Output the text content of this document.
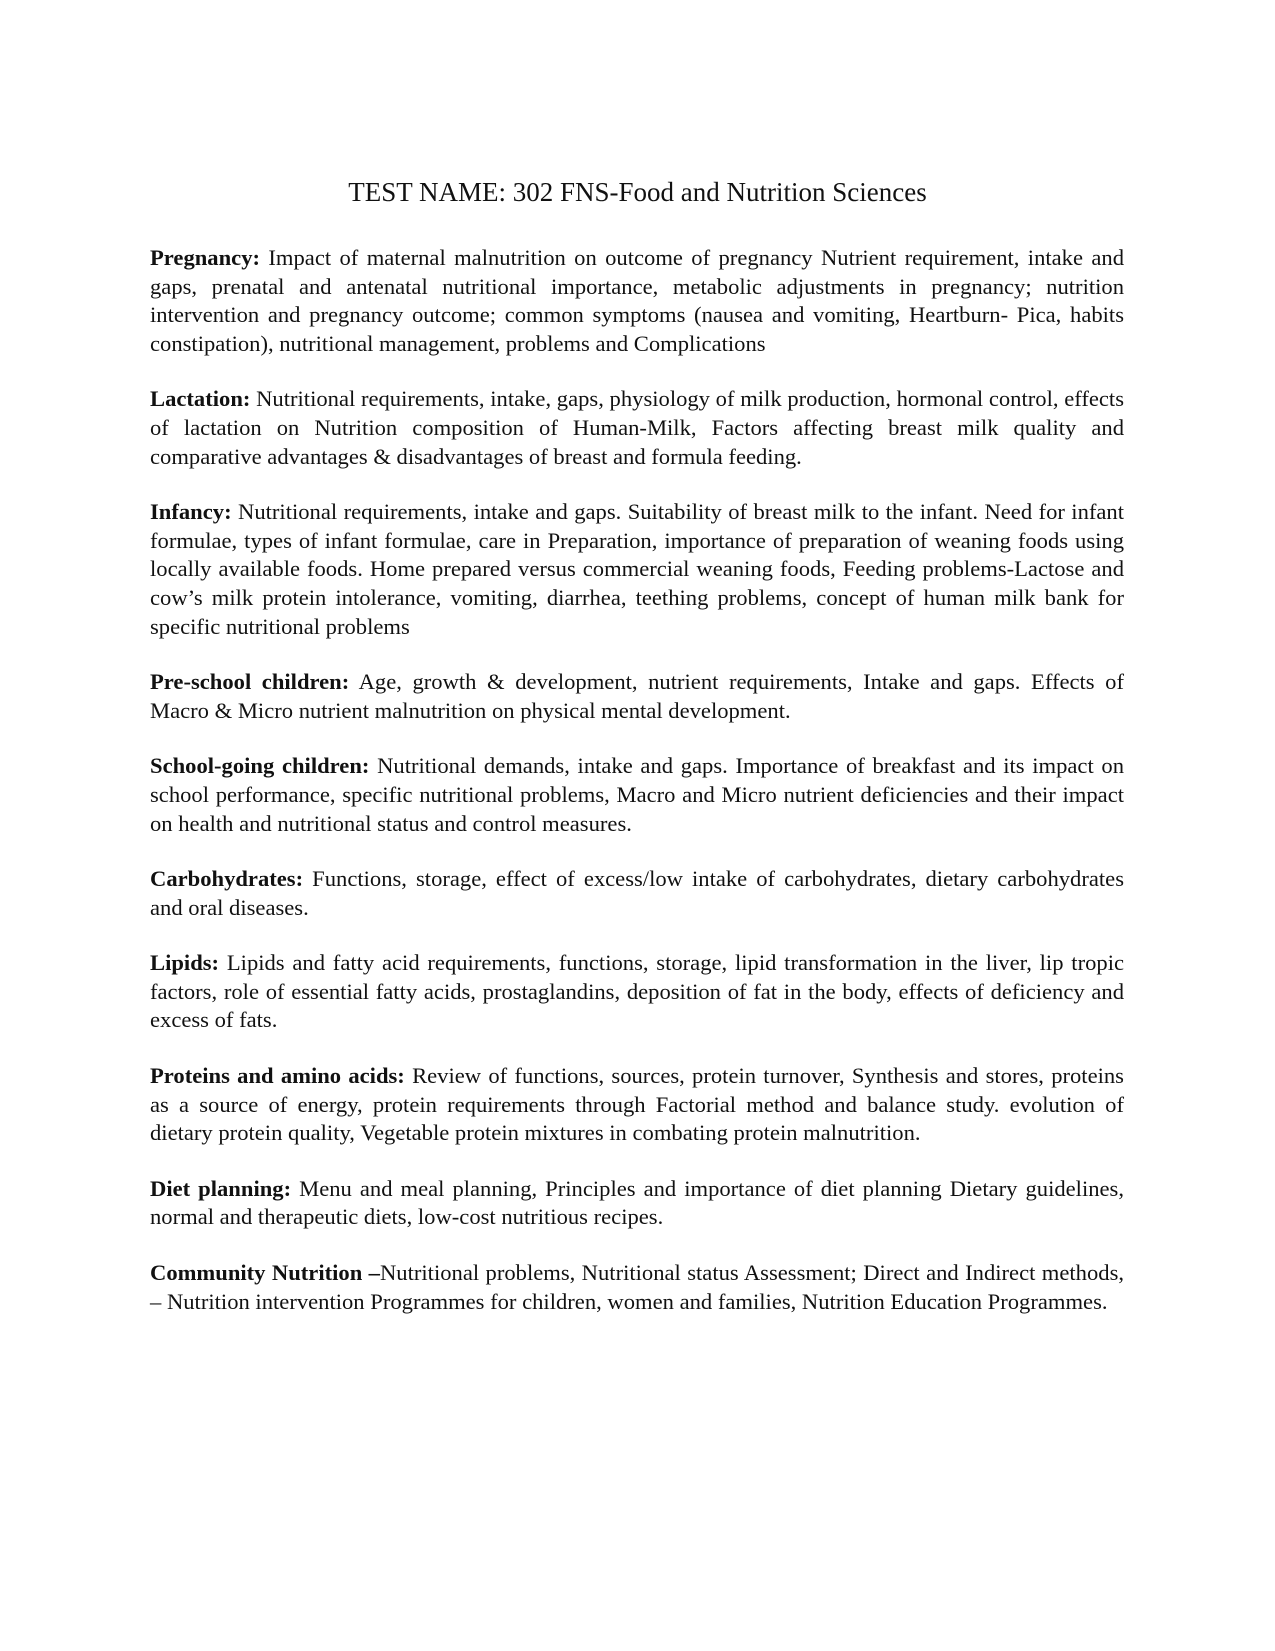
TEST NAME: 302 FNS-Food and Nutrition Sciences

Pregnancy: Impact of maternal malnutrition on outcome of pregnancy Nutrient requirement, intake and gaps, prenatal and antenatal nutritional importance, metabolic adjustments in pregnancy; nutrition intervention and pregnancy outcome; common symptoms (nausea and vomiting, Heartburn- Pica, habits constipation), nutritional management, problems and Complications

Lactation: Nutritional requirements, intake, gaps, physiology of milk production, hormonal control, effects of lactation on Nutrition composition of Human-Milk, Factors affecting breast milk quality and comparative advantages & disadvantages of breast and formula feeding.

Infancy: Nutritional requirements, intake and gaps. Suitability of breast milk to the infant. Need for infant formulae, types of infant formulae, care in Preparation, importance of preparation of weaning foods using locally available foods. Home prepared versus commercial weaning foods, Feeding problems-Lactose and cow’s milk protein intolerance, vomiting, diarrhea, teething problems, concept of human milk bank for specific nutritional problems

Pre-school children: Age, growth & development, nutrient requirements, Intake and gaps. Effects of Macro & Micro nutrient malnutrition on physical mental development.

School-going children: Nutritional demands, intake and gaps. Importance of breakfast and its impact on school performance, specific nutritional problems, Macro and Micro nutrient deficiencies and their impact on health and nutritional status and control measures.

Carbohydrates: Functions, storage, effect of excess/low intake of carbohydrates, dietary carbohydrates and oral diseases.

Lipids: Lipids and fatty acid requirements, functions, storage, lipid transformation in the liver, lip tropic factors, role of essential fatty acids, prostaglandins, deposition of fat in the body, effects of deficiency and excess of fats.

Proteins and amino acids: Review of functions, sources, protein turnover, Synthesis and stores, proteins as a source of energy, protein requirements through Factorial method and balance study. evolution of dietary protein quality, Vegetable protein mixtures in combating protein malnutrition.

Diet planning: Menu and meal planning, Principles and importance of diet planning Dietary guidelines, normal and therapeutic diets, low-cost nutritious recipes.

Community Nutrition –Nutritional problems, Nutritional status Assessment; Direct and Indirect methods, – Nutrition intervention Programmes for children, women and families, Nutrition Education Programmes.
